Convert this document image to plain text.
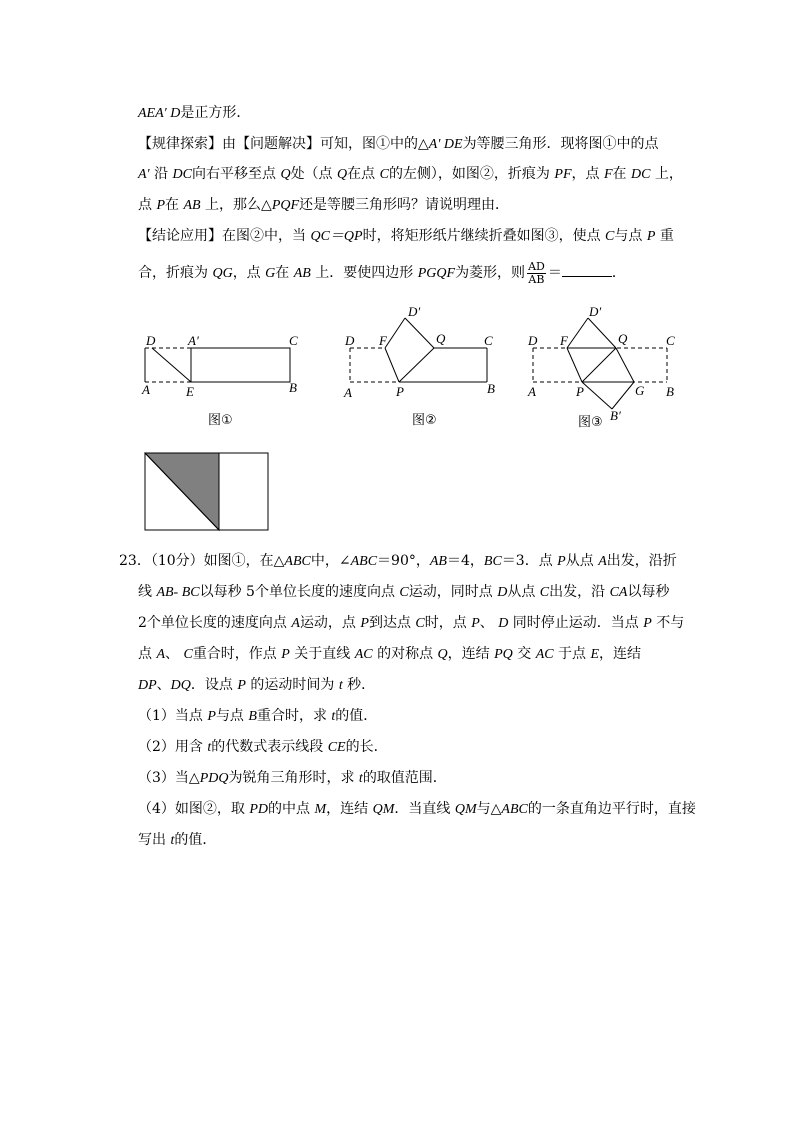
AEA′ D是正方形．
【规律探索】由【问题解决】可知，图①中的△A′ DE为等腰三角形．现将图①中的点
A′ 沿 DC向右平移至点 Q处（点 Q在点 C的左侧），如图②，折痕为 PF，点 F在 DC 上，
点 P在 AB 上，那么△PQF还是等腰三角形吗？请说明理由．
【结论应用】在图②中，当 QC＝QP时，将矩形纸片继续折叠如图③，使点 C与点 P 重
合，折痕为 QG，点 G在 AB 上．要使四边形 PGQF为菱形，则 $\frac{AD}{AB}$ ＝	．
D	A′	C
A	E	B
图①
D
D′
F	Q	C
A	P	B
图②
D
D′
F	Q	C
A	P	G B
B′
图③
23．（10分）如图①，在△ABC中，∠ABC＝90°，AB＝4，BC＝3．点 P从点 A出发，沿折
线 AB- BC以每秒 5个单位长度的速度向点 C运动，同时点 D从点 C出发，沿 CA以每秒
2个单位长度的速度向点 A运动，点 P到达点 C时，点 P、 D 同时停止运动．当点 P 不与
点 A、 C重合时，作点 P 关于直线 AC 的对称点 Q，连结 PQ 交 AC 于点 E，连结
DP、DQ．设点 P 的运动时间为 t 秒．
（1）当点 P与点 B重合时，求 t的值．
（2）用含 t的代数式表示线段 CE的长．
（3）当△PDQ为锐角三角形时，求 t的取值范围．
（4）如图②，取 PD的中点 M，连结 QM．当直线 QM与△ABC的一条直角边平行时，直接
写出 t的值．
